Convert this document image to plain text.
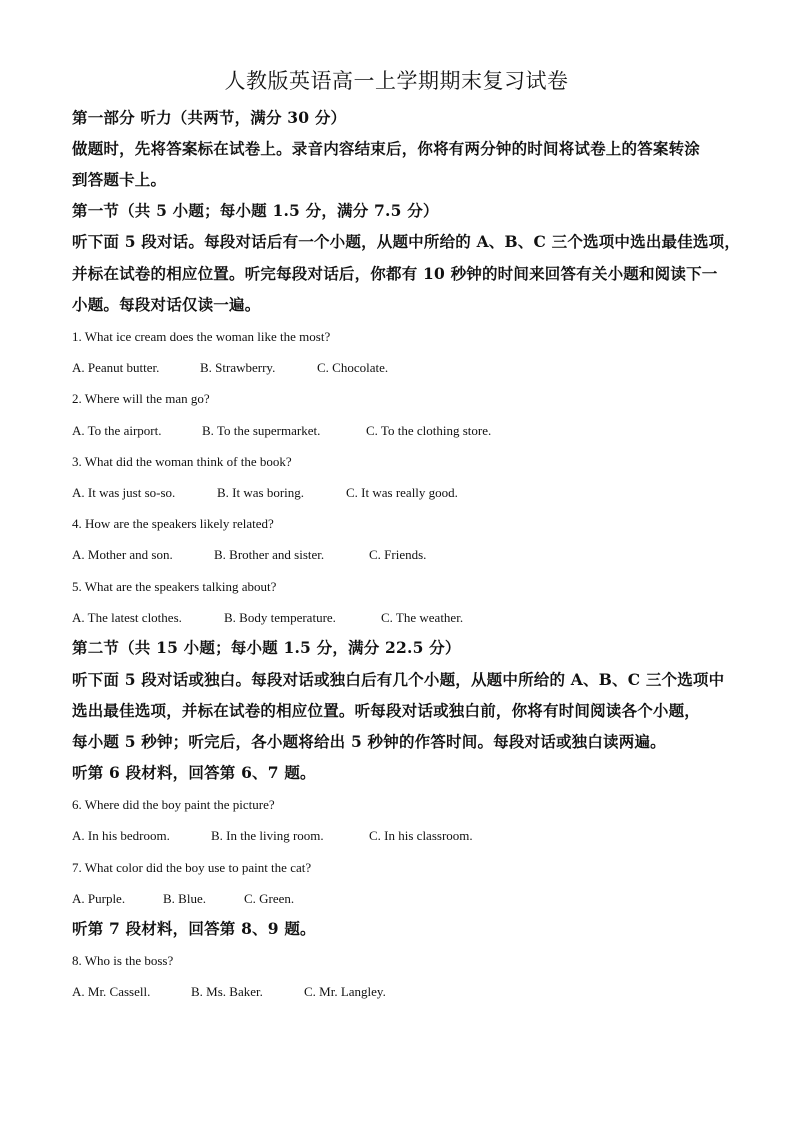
人教版英语高一上学期期末复习试卷
第一部分 听力（共两节，满分 30 分）
做题时，先将答案标在试卷上。录音内容结束后，你将有两分钟的时间将试卷上的答案转涂
到答题卡上。
第一节（共 5 小题；每小题 1.5 分，满分 7.5 分）
听下面 5 段对话。每段对话后有一个小题，从题中所给的 A、B、C 三个选项中选出最佳选项，
并标在试卷的相应位置。听完每段对话后，你都有 10 秒钟的时间来回答有关小题和阅读下一
小题。每段对话仅读一遍。
1. What ice cream does the woman like the most?
A. Peanut butter.	B. Strawberry.	C. Chocolate.
2. Where will the man go?
A. To the airport.	B. To the supermarket.	C. To the clothing store.
3. What did the woman think of the book?
A. It was just so-so.	B. It was boring.	C. It was really good.
4. How are the speakers likely related?
A. Mother and son.	B. Brother and sister.	C. Friends.
5. What are the speakers talking about?
A. The latest clothes.	B. Body temperature.	C. The weather.
第二节（共 15 小题；每小题 1.5 分，满分 22.5 分）
听下面 5 段对话或独白。每段对话或独白后有几个小题，从题中所给的 A、B、C 三个选项中
选出最佳选项，并标在试卷的相应位置。听每段对话或独白前，你将有时间阅读各个小题，
每小题 5 秒钟；听完后，各小题将给出 5 秒钟的作答时间。每段对话或独白读两遍。
听第 6 段材料，回答第 6、7 题。
6. Where did the boy paint the picture?
A. In his bedroom.	B. In the living room.	C. In his classroom.
7. What color did the boy use to paint the cat?
A. Purple.	B. Blue.	C. Green.
听第 7 段材料，回答第 8、9 题。
8. Who is the boss?
A. Mr. Cassell.	B. Ms. Baker.	C. Mr. Langley.
